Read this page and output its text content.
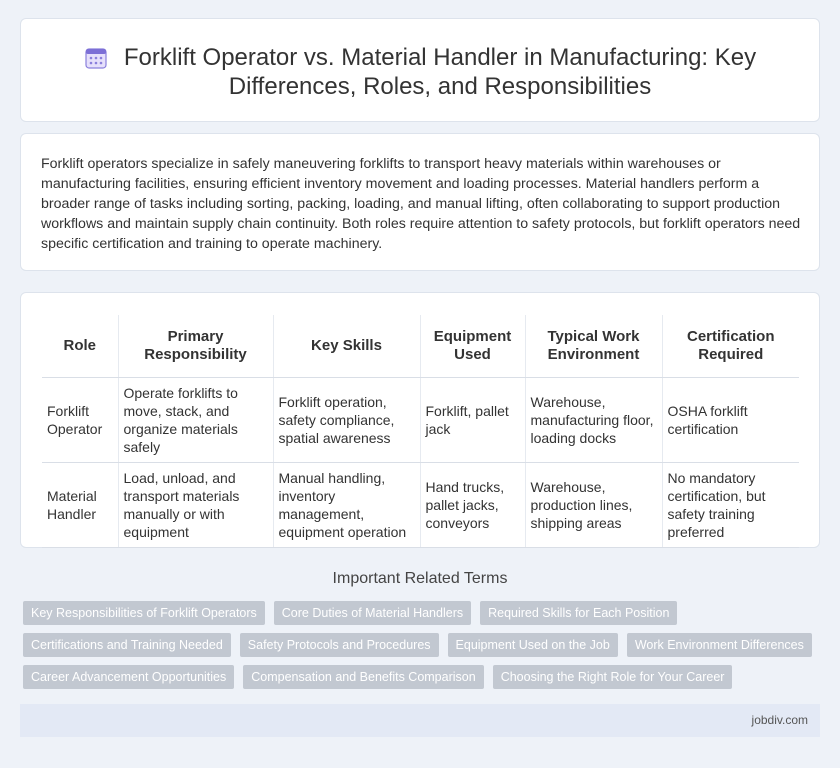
Forklift Operator vs. Material Handler in Manufacturing: Key Differences, Roles, and Responsibilities

Forklift operators specialize in safely maneuvering forklifts to transport heavy materials within warehouses or manufacturing facilities, ensuring efficient inventory movement and loading processes. Material handlers perform a broader range of tasks including sorting, packing, loading, and manual lifting, often collaborating to support production workflows and maintain supply chain continuity. Both roles require attention to safety protocols, but forklift operators need specific certification and training to operate machinery.

Role	Primary Responsibility	Key Skills	Equipment Used	Typical Work Environment	Certification Required
Forklift Operator	Operate forklifts to move, stack, and organize materials safely	Forklift operation, safety compliance, spatial awareness	Forklift, pallet jack	Warehouse, manufacturing floor, loading docks	OSHA forklift certification
Material Handler	Load, unload, and transport materials manually or with equipment	Manual handling, inventory management, equipment operation	Hand trucks, pallet jacks, conveyors	Warehouse, production lines, shipping areas	No mandatory certification, but safety training preferred
Important Related Terms
Key Responsibilities of Forklift Operators	Core Duties of Material Handlers	Required Skills for Each Position
Certifications and Training Needed	Safety Protocols and Procedures	Equipment Used on the Job	Work Environment Differences
Career Advancement Opportunities	Compensation and Benefits Comparison	Choosing the Right Role for Your Career
jobdiv.com
